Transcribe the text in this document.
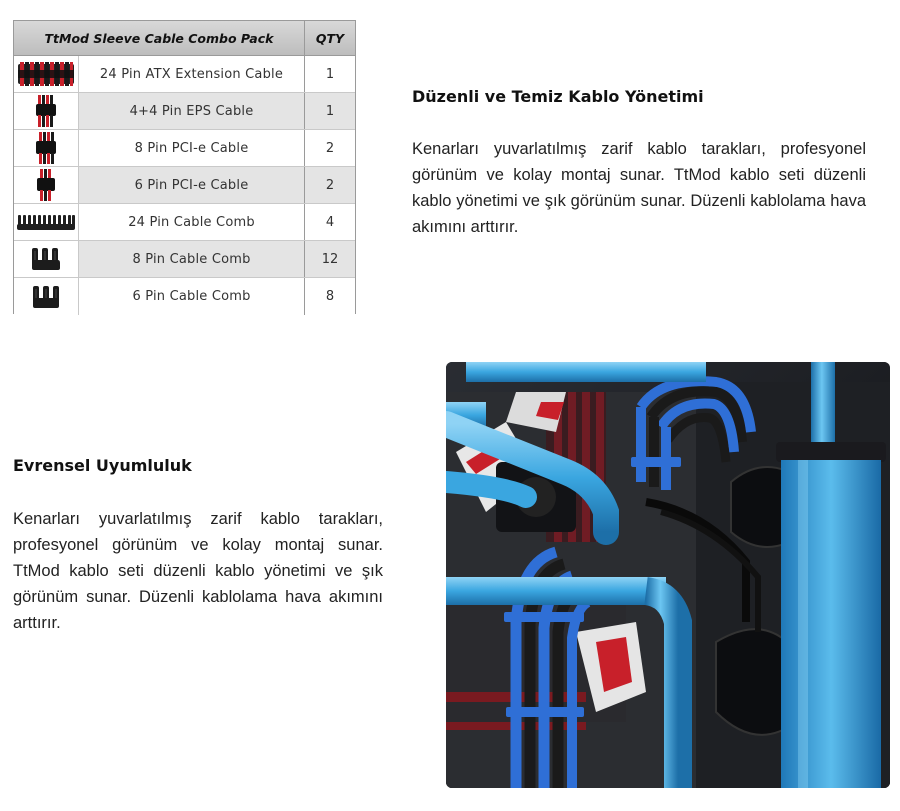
TtMod Sleeve Cable Combo Pack	QTY
24 Pin ATX Extension Cable	1
4+4 Pin EPS Cable	1
8 Pin PCI-e Cable	2
6 Pin PCI-e Cable	2
24 Pin Cable Comb	4
8 Pin Cable Comb	12
6 Pin Cable Comb	8
Düzenli ve Temiz Kablo Yönetimi
Kenarları yuvarlatılmış zarif kablo tarakları, profesyonel görünüm ve kolay montaj sunar. TtMod kablo seti düzenli kablo yönetimi ve şık görünüm sunar. Düzenli kablolama hava akımını arttırır.
Evrensel Uyumluluk
Kenarları yuvarlatılmış zarif kablo tarakları, profesyonel görünüm ve kolay montaj sunar. TtMod kablo seti düzenli kablo yönetimi ve şık görünüm sunar. Düzenli kablolama hava akımını arttırır.
